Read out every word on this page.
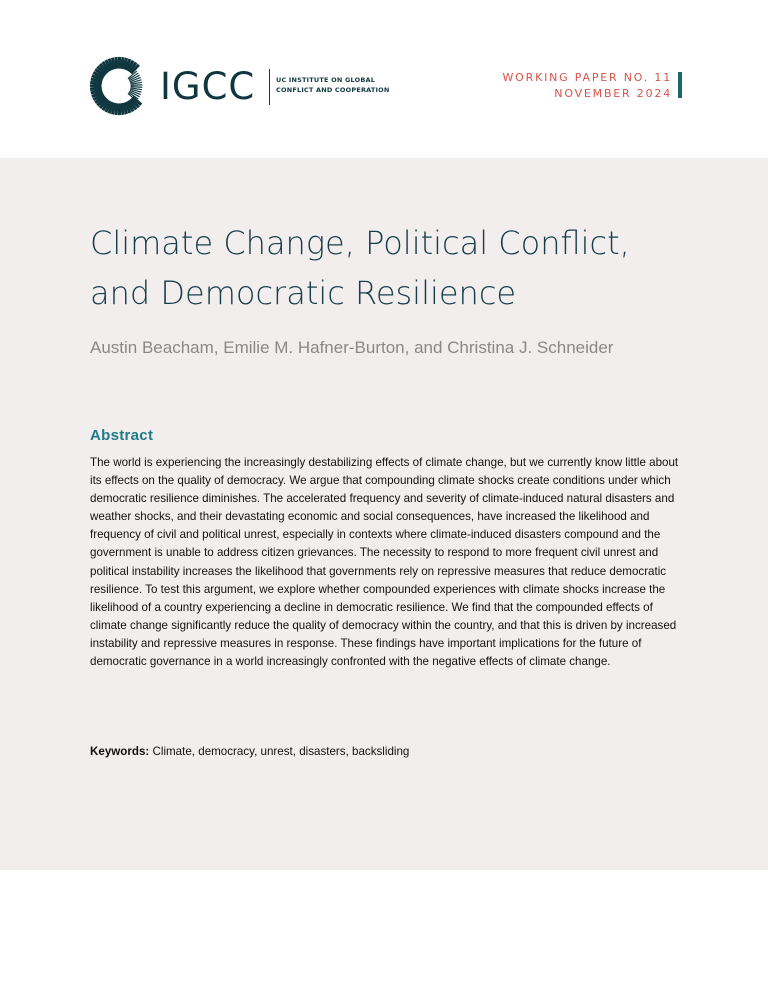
IGCC	UC INSTITUTE ON GLOBAL
CONFLICT AND COOPERATION
WORKING PAPER NO. 11
NOVEMBER 2024
Climate Change, Political Conflict,
and Democratic Resilience
Austin Beacham, Emilie M. Hafner-Burton, and Christina J. Schneider
Abstract

The world is experiencing the increasingly destabilizing effects of climate change, but we currently know little about its effects on the quality of democracy. We argue that compounding climate shocks create conditions under which democratic resilience diminishes. The accelerated frequency and severity of climate-induced natural disasters and weather shocks, and their devastating economic and social consequences, have increased the likelihood and frequency of civil and political unrest, especially in contexts where climate-induced disasters compound and the government is unable to address citizen grievances. The necessity to respond to more frequent civil unrest and political instability increases the likelihood that governments rely on repressive measures that reduce democratic resilience. To test this argument, we explore whether compounded experiences with climate shocks increase the likelihood of a country experiencing a decline in democratic resilience. We find that the compounded effects of climate change significantly reduce the quality of democracy within the country, and that this is driven by increased instability and repressive measures in response. These findings have important implications for the future of democratic governance in a world increasingly confronted with the negative effects of climate change.

Keywords: Climate, democracy, unrest, disasters, backsliding
